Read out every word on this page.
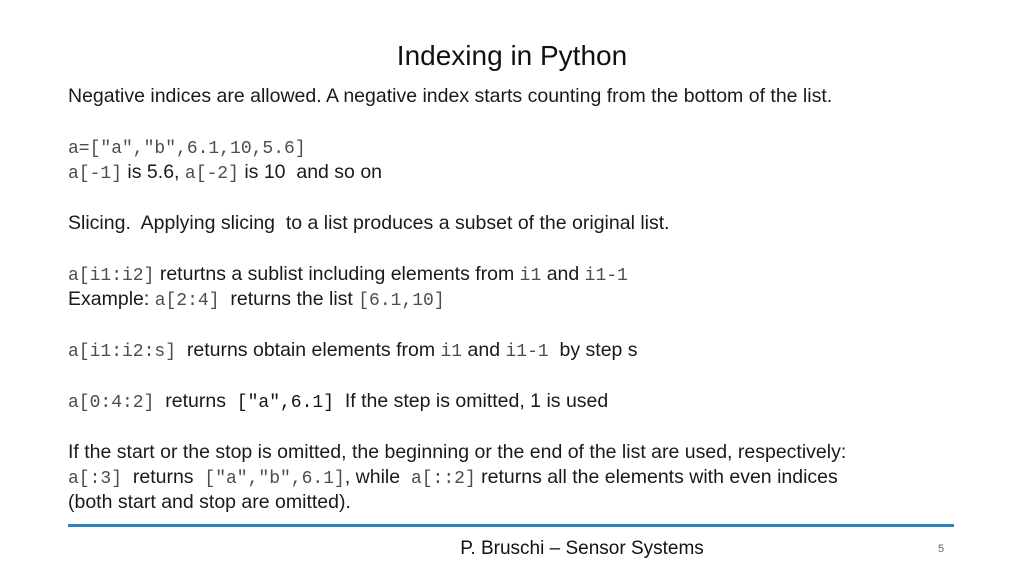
Indexing in Python
Negative indices are allowed. A negative index starts counting from the bottom of the list.
a=["a","b",6.1,10,5.6]
a[-1] is 5.6, a[-2] is 10  and so on
Slicing.  Applying slicing  to a list produces a subset of the original list.
a[i1:i2] returtns a sublist including elements from i1 and i1-1
Example: a[2:4]  returns the list [6.1,10]
a[i1:i2:s]  returns obtain elements from i1 and i1-1  by step s
a[0:4:2]  returns  ["a",6.1]  If the step is omitted, 1 is used
If the start or the stop is omitted, the beginning or the end of the list are used, respectively:
a[:3]  returns  ["a","b",6.1], while  a[::2] returns all the elements with even indices
(both start and stop are omitted).
P. Bruschi – Sensor Systems	5
